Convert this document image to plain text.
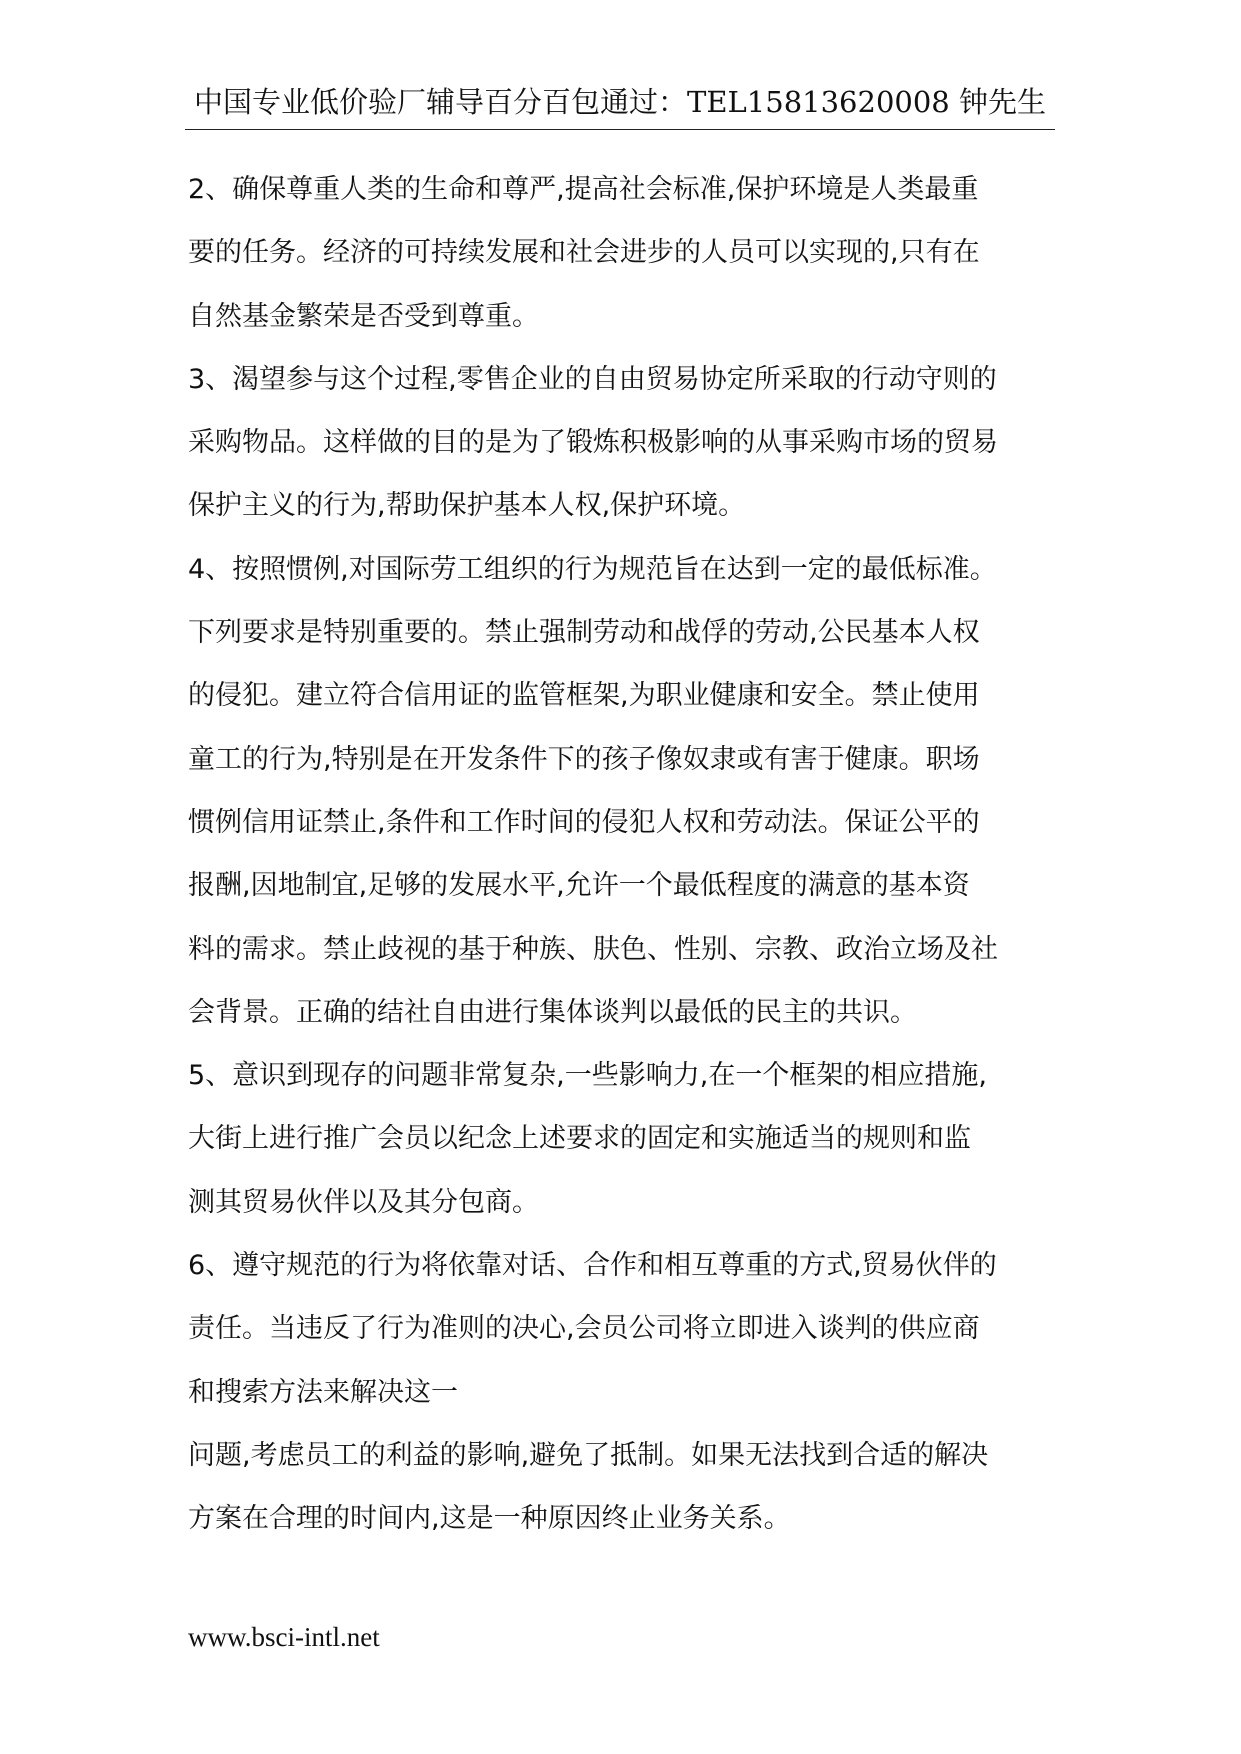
中国专业低价验厂辅导百分百包通过：TEL15813620008 钟先生
2、确保尊重人类的生命和尊严,提高社会标准,保护环境是人类最重
要的任务。经济的可持续发展和社会进步的人员可以实现的,只有在
自然基金繁荣是否受到尊重。
3、渴望参与这个过程,零售企业的自由贸易协定所采取的行动守则的
采购物品。这样做的目的是为了锻炼积极影响的从事采购市场的贸易
保护主义的行为,帮助保护基本人权,保护环境。
4、按照惯例,对国际劳工组织的行为规范旨在达到一定的最低标准。
下列要求是特别重要的。禁止强制劳动和战俘的劳动,公民基本人权
的侵犯。建立符合信用证的监管框架,为职业健康和安全。禁止使用
童工的行为,特别是在开发条件下的孩子像奴隶或有害于健康。职场
惯例信用证禁止,条件和工作时间的侵犯人权和劳动法。保证公平的
报酬,因地制宜,足够的发展水平,允许一个最低程度的满意的基本资
料的需求。禁止歧视的基于种族、肤色、性别、宗教、政治立场及社
会背景。正确的结社自由进行集体谈判以最低的民主的共识。
5、意识到现存的问题非常复杂,一些影响力,在一个框架的相应措施,
大街上进行推广会员以纪念上述要求的固定和实施适当的规则和监
测其贸易伙伴以及其分包商。
6、遵守规范的行为将依靠对话、合作和相互尊重的方式,贸易伙伴的
责任。当违反了行为准则的决心,会员公司将立即进入谈判的供应商
和搜索方法来解决这一
问题,考虑员工的利益的影响,避免了抵制。如果无法找到合适的解决
方案在合理的时间内,这是一种原因终止业务关系。
www.bsci-intl.net
